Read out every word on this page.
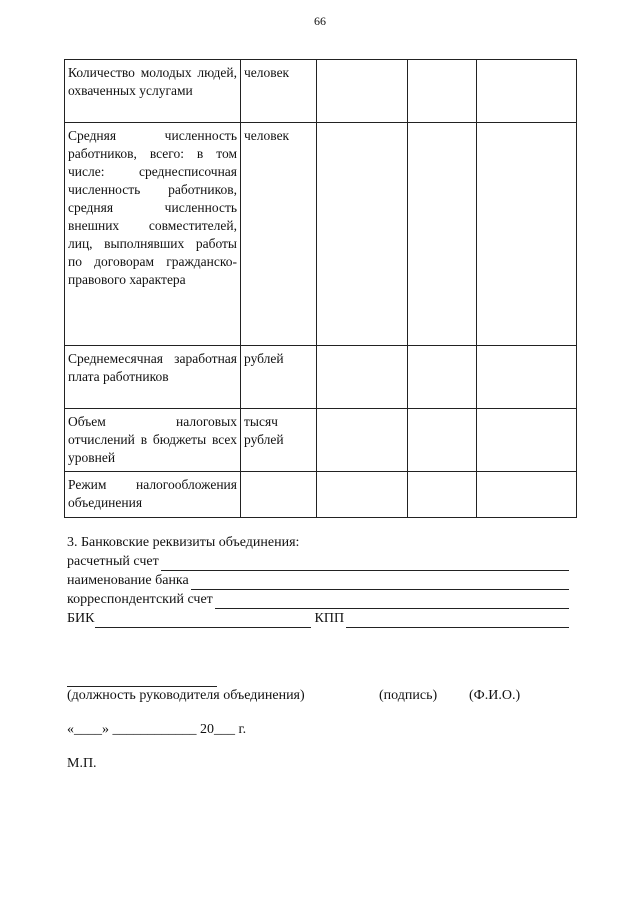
66
Количество молодых людей, охваченных услугами	человек			
Средняя численность работников, всего: в том числе: среднесписочная численность работников, средняя численность внешних совместителей, лиц, выполнявших работы по договорам гражданско-правового характера	человек			
Среднемесячная заработная плата работников	рублей			
Объем налоговых отчислений в бюджеты всех уровней	тысяч рублей			
Режим налогообложения объединения				
3. Банковские реквизиты объединения:
расчетный счет
наименование банка
корреспондентский счет
БИК	КПП
(должность руководителя объединения)	(подпись) (Ф.И.О.)
«____» ____________ 20___ г.
М.П.
